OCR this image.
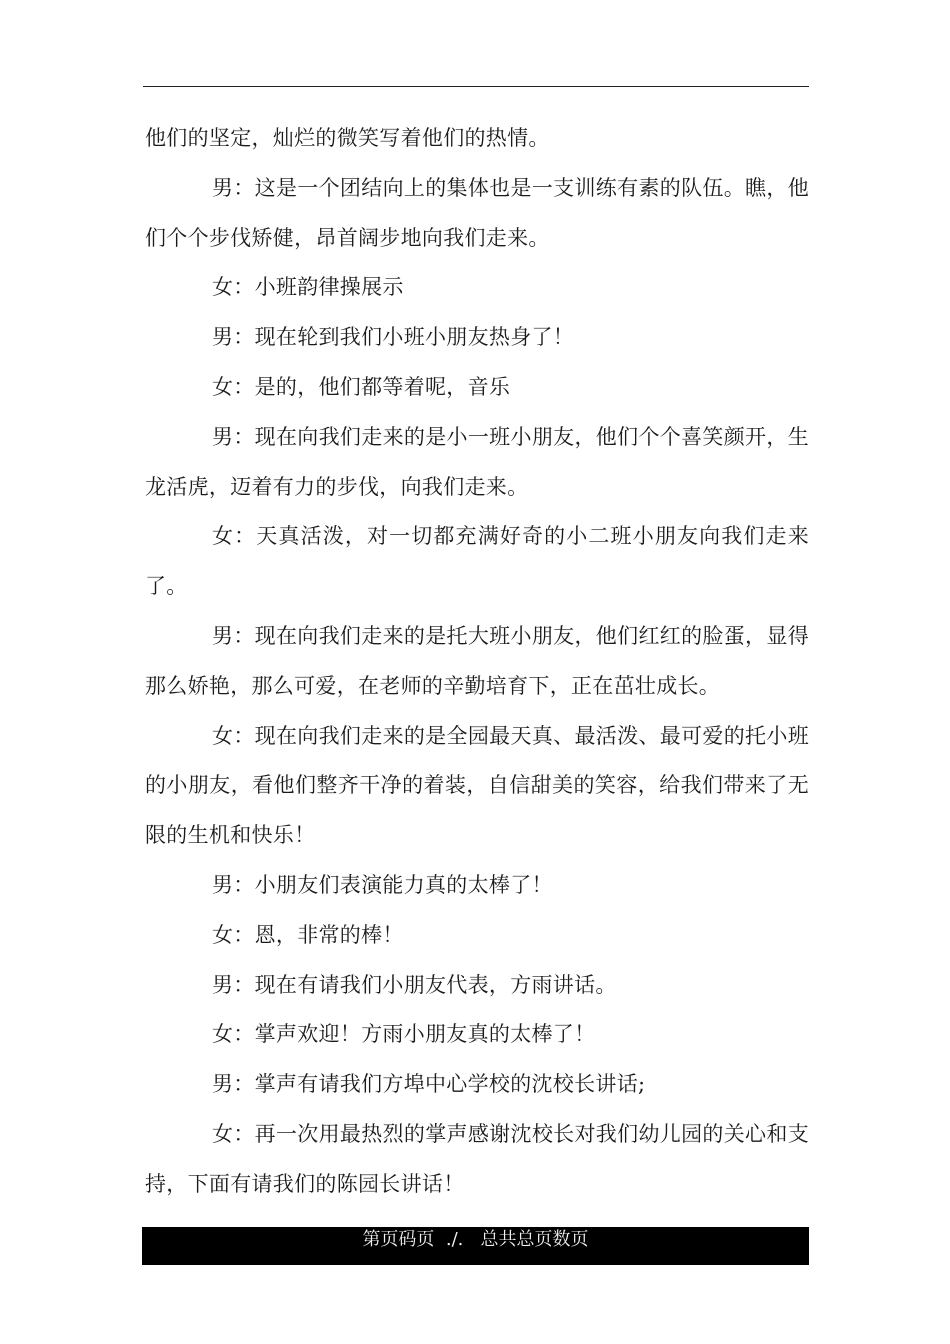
他们的坚定，灿烂的微笑写着他们的热情。

男：这是一个团结向上的集体也是一支训练有素的队伍。瞧，他们个个步伐矫健，昂首阔步地向我们走来。

女：小班韵律操展示

男：现在轮到我们小班小朋友热身了！

女：是的，他们都等着呢，音乐

男：现在向我们走来的是小一班小朋友，他们个个喜笑颜开，生龙活虎，迈着有力的步伐，向我们走来。

女：天真活泼，对一切都充满好奇的小二班小朋友向我们走来了。

男：现在向我们走来的是托大班小朋友，他们红红的脸蛋，显得那么娇艳，那么可爱，在老师的辛勤培育下，正在茁壮成长。

女：现在向我们走来的是全园最天真、最活泼、最可爱的托小班的小朋友，看他们整齐干净的着装，自信甜美的笑容，给我们带来了无限的生机和快乐！

男：小朋友们表演能力真的太棒了！

女：恩，非常的棒！

男：现在有请我们小朋友代表，方雨讲话。

女：掌声欢迎！方雨小朋友真的太棒了！

男：掌声有请我们方埠中心学校的沈校长讲话;

女：再一次用最热烈的掌声感谢沈校长对我们幼儿园的关心和支持，下面有请我们的陈园长讲话！

第页码页  ./.   总共总页数页
